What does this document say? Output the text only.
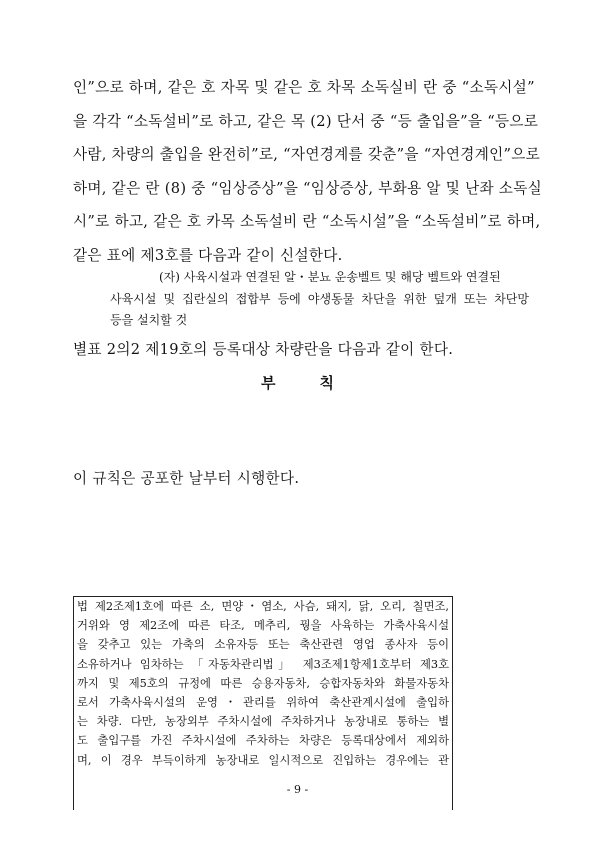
인”으로 하며, 같은 호 자목 및 같은 호 차목 소독실비 란 중 “소독시설”
을 각각 “소독설비”로 하고, 같은 목 (2) 단서 중 “등 출입을”을 “등으로
사람, 차량의 출입을 완전히”로, “자연경계를 갖춘”을 “자연경계인”으로
하며, 같은 란 (8) 중 “임상증상”을 “임상증상, 부화용 알 및 난좌 소독실
시”로 하고, 같은 호 카목 소독설비 란 “소독시설”을 “소독설비”로 하며,
같은 표에 제3호를 다음과 같이 신설한다.
(자) 사육시설과 연결된 알・분뇨 운송벨트 및 해당 벨트와 연결된
사육시설 및 집란실의 접합부 등에 야생동물 차단을 위한 덮개 또는 차단망
등을 설치할 것
별표 2의2 제19호의 등록대상 차량란을 다음과 같이 한다.
부	칙
이 규칙은 공포한 날부터 시행한다.
법 제2조제1호에 따른 소, 면양・염소, 사슴, 돼지, 닭, 오리, 칠면조,
거위와 영 제2조에 따른 타조, 메추리, 꿩을 사육하는 가축사육시설
을 갖추고 있는 가축의 소유자등 또는 축산관련 영업 종사자 등이
소유하거나 임차하는 「자동차관리법」 제3조제1항제1호부터 제3호
까지 및 제5호의 규정에 따른 승용자동차, 승합자동차와 화물자동차
로서 가축사육시설의 운영・관리를 위하여 축산관계시설에 출입하
는 차량. 다만, 농장외부 주차시설에 주차하거나 농장내로 통하는 별
도 출입구를 가진 주차시설에 주차하는 차량은 등록대상에서 제외하
며, 이 경우 부득이하게 농장내로 일시적으로 진입하는 경우에는 관
- 9 -
